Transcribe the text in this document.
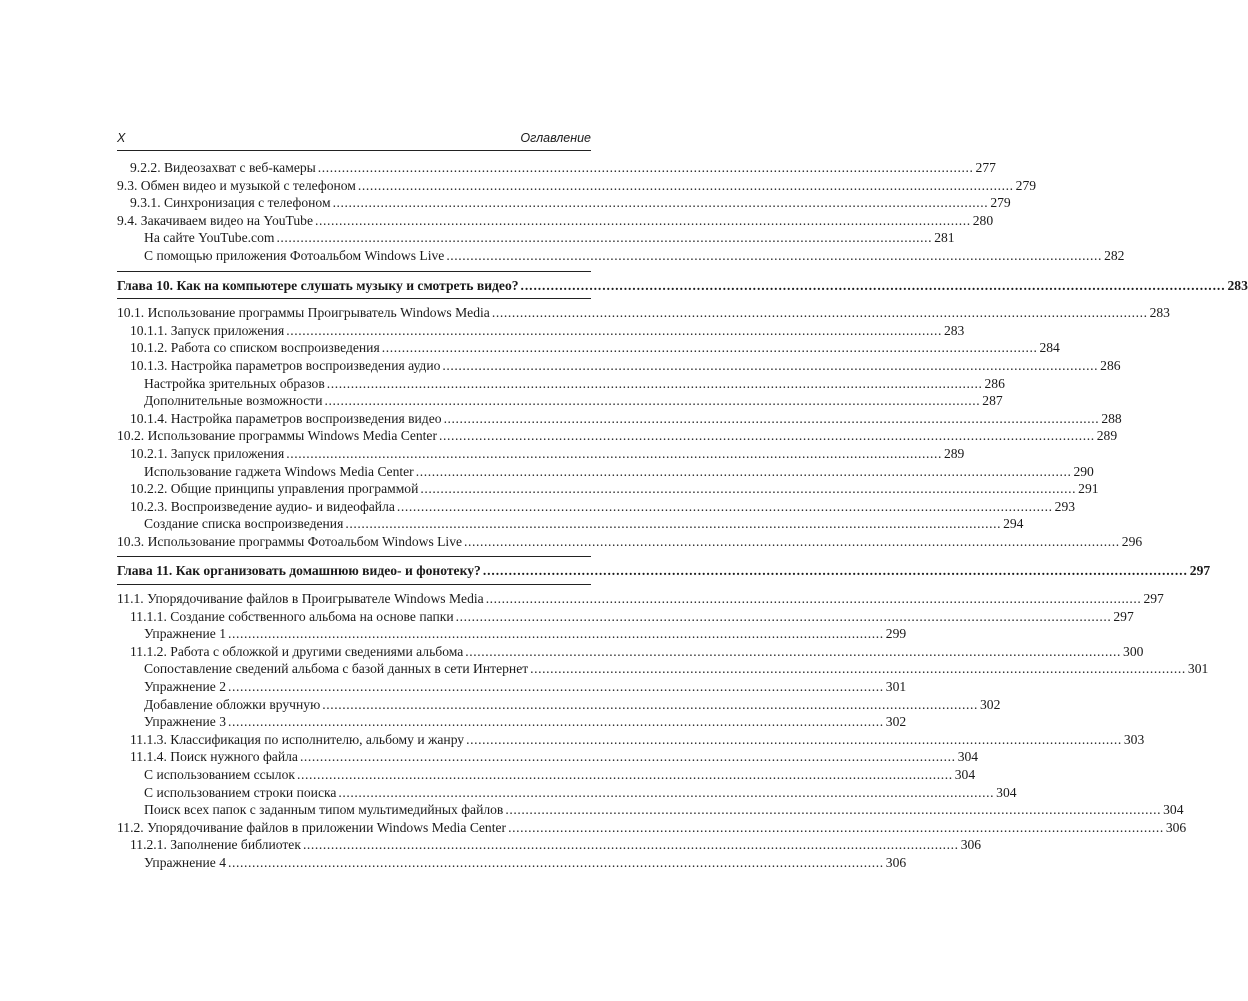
X	Оглавление
9.2.2. Видеозахват с веб-камеры .................................................................................................................................................................... 277
9.3. Обмен видео и музыкой с телефоном .................................................................................................................................................................... 279
9.3.1. Синхронизация с телефоном .................................................................................................................................................................... 279
9.4. Закачиваем видео на YouTube .................................................................................................................................................................... 280
На сайте YouTube.com .................................................................................................................................................................... 281
С помощью приложения Фотоальбом Windows Live .................................................................................................................................................................... 282
Глава 10. Как на компьютере слушать музыку и смотреть видео? .................................................................................................................................................................... 283
10.1. Использование программы Проигрыватель Windows Media .................................................................................................................................................................... 283
10.1.1. Запуск приложения .................................................................................................................................................................... 283
10.1.2. Работа со списком воспроизведения .................................................................................................................................................................... 284
10.1.3. Настройка параметров воспроизведения аудио .................................................................................................................................................................... 286
Настройка зрительных образов .................................................................................................................................................................... 286
Дополнительные возможности .................................................................................................................................................................... 287
10.1.4. Настройка параметров воспроизведения видео .................................................................................................................................................................... 288
10.2. Использование программы Windows Media Center .................................................................................................................................................................... 289
10.2.1. Запуск приложения .................................................................................................................................................................... 289
Использование гаджета Windows Media Center .................................................................................................................................................................... 290
10.2.2. Общие принципы управления программой .................................................................................................................................................................... 291
10.2.3. Воспроизведение аудио- и видеофайла .................................................................................................................................................................... 293
Создание списка воспроизведения .................................................................................................................................................................... 294
10.3. Использование программы Фотоальбом Windows Live .................................................................................................................................................................... 296
Глава 11. Как организовать домашнюю видео- и фонотеку? .................................................................................................................................................................... 297
11.1. Упорядочивание файлов в Проигрывателе Windows Media .................................................................................................................................................................... 297
11.1.1. Создание собственного альбома на основе папки .................................................................................................................................................................... 297
Упражнение 1 .................................................................................................................................................................... 299
11.1.2. Работа с обложкой и другими сведениями альбома .................................................................................................................................................................... 300
Сопоставление сведений альбома с базой данных в сети Интернет .................................................................................................................................................................... 301
Упражнение 2 .................................................................................................................................................................... 301
Добавление обложки вручную .................................................................................................................................................................... 302
Упражнение 3 .................................................................................................................................................................... 302
11.1.3. Классификация по исполнителю, альбому и жанру .................................................................................................................................................................... 303
11.1.4. Поиск нужного файла .................................................................................................................................................................... 304
С использованием ссылок .................................................................................................................................................................... 304
С использованием строки поиска .................................................................................................................................................................... 304
Поиск всех папок с заданным типом мультимедийных файлов .................................................................................................................................................................... 304
11.2. Упорядочивание файлов в приложении Windows Media Center .................................................................................................................................................................... 306
11.2.1. Заполнение библиотек .................................................................................................................................................................... 306
Упражнение 4 .................................................................................................................................................................... 306
